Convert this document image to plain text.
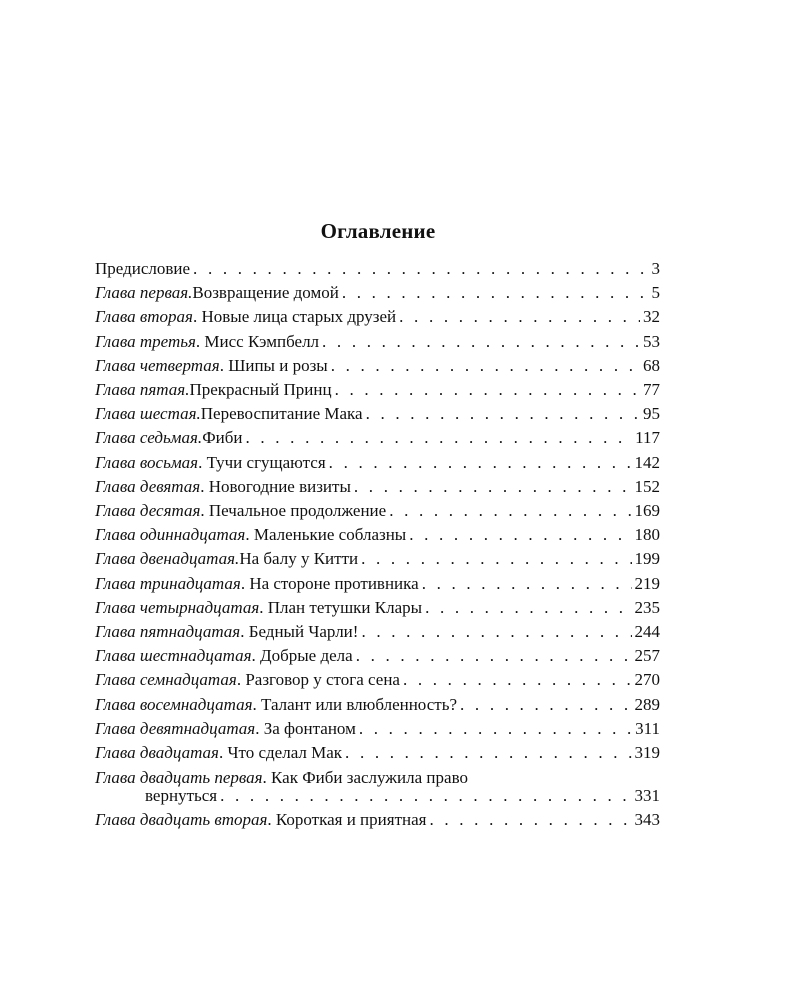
Оглавление
Предисловие . . .	3
Глава первая. Возвращение домой . . .	5
Глава вторая . Новые лица старых друзей . . .	32
Глава третья . Мисс Кэмпбелл . . .	53
Глава четвертая . Шипы и розы . . .	68
Глава пятая. Прекрасный Принц . . .	77
Глава шестая. Перевоспитание Мака . . .	95
Глава седьмая. Фиби . . .	117
Глава восьмая . Тучи сгущаются . . .	142
Глава девятая . Новогодние визиты . . .	152
Глава десятая . Печальное продолжение . . .	169
Глава одиннадцатая . Маленькие соблазны . . .	180
Глава двенадцатая. На балу у Китти . . .	199
Глава тринадцатая . На стороне противника . . .	219
Глава четырнадцатая . План тетушки Клары . . .	235
Глава пятнадцатая . Бедный Чарли! . . .	244
Глава шестнадцатая . Добрые дела . . .	257
Глава семнадцатая . Разговор у стога сена . . .	270
Глава восемнадцатая . Талант или влюбленность? . . .	289
Глава девятнадцатая . За фонтаном . . .	311
Глава двадцатая . Что сделал Мак . . .	319
Глава двадцать первая. Как Фиби заслужила право
вернуться . . .	331
Глава двадцать вторая . Короткая и приятная . . .	343
